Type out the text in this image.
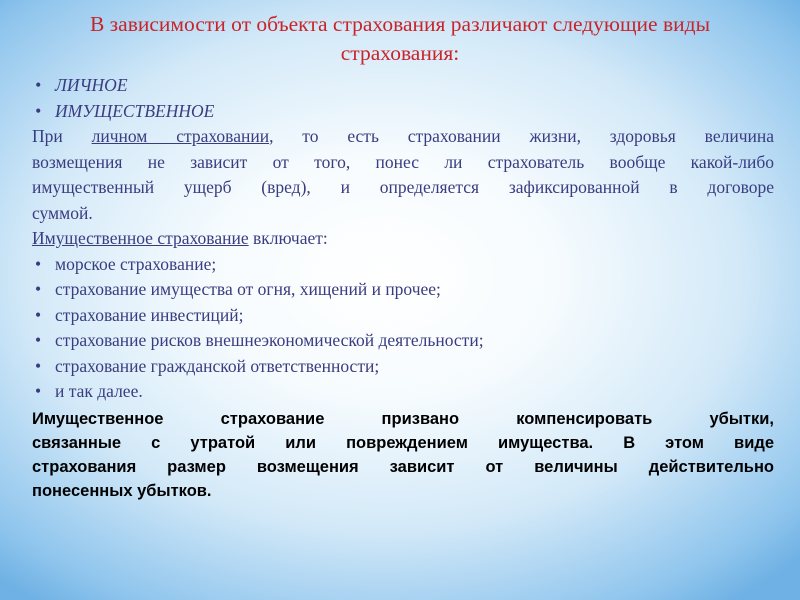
В зависимости от объекта страхования различают следующие виды страхования:
• ЛИЧНОЕ
• ИМУЩЕСТВЕННОЕ
При личном страховании, то есть страховании жизни, здоровья величина
возмещения не зависит от того, понес ли страхователь вообще какой-либо
имущественный ущерб (вред), и определяется зафиксированной в договоре
суммой.
Имущественное страхование включает:
• морское страхование;
• страхование имущества от огня, хищений и прочее;
• страхование инвестиций;
• страхование рисков внешнеэкономической деятельности;
• страхование гражданской ответственности;
• и так далее.
Имущественное страхование призвано компенсировать убытки,
связанные с утратой или повреждением имущества. В этом виде
страхования размер возмещения зависит от величины действительно
понесенных убытков.
